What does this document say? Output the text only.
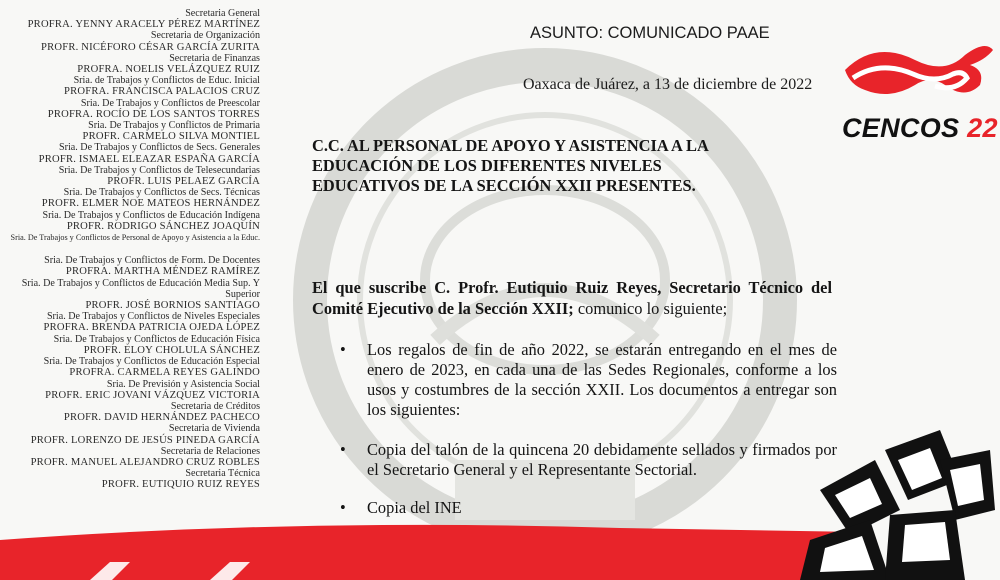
Secretaria General
PROFRA. YENNY ARACELY PÉREZ MARTÍNEZ
Secretaria de Organización
PROFR. NICÉFORO CÉSAR GARCÍA ZURITA
Secretaria de Finanzas
PROFRA. NOELIS VELÁZQUEZ RUIZ
Sria. de Trabajos y Conflictos de Educ. Inicial
PROFRA. FRANCISCA PALACIOS CRUZ
Sria. De Trabajos y Conflictos de Preescolar
PROFRA. ROCÍO DE LOS SANTOS TORRES
Sria. De Trabajos y Conflictos de Primaria
PROFR. CARMELO SILVA MONTIEL
Sria. De Trabajos y Conflictos de Secs. Generales
PROFR. ISMAEL ELEAZAR ESPAÑA GARCÍA
Sria. De Trabajos y Conflictos de Telesecundarias
PROFR. LUIS PELAEZ GARCÍA
Sria. De Trabajos y Conflictos de Secs. Técnicas
PROFR. ELMER NOE MATEOS HERNÁNDEZ
Sria. De Trabajos y Conflictos de Educación Indígena
PROFR. RODRIGO SÁNCHEZ JOAQUÍN
Sria. De Trabajos y Conflictos de Personal de Apoyo y Asistencia a la Educ.
Sria. De Trabajos y Conflictos de Form. De Docentes
PROFRA. MARTHA MÉNDEZ RAMÍREZ
Sria. De Trabajos y Conflictos de Educación Media Sup. Y Superior
PROFR. JOSÉ BORNIOS SANTIAGO
Sria. De Trabajos y Conflictos de Niveles Especiales
PROFRA. BRENDA PATRICIA OJEDA LÓPEZ
Sria. De Trabajos y Conflictos de Educación Física
PROFR. ELOY CHOLULA SÁNCHEZ
Sria. De Trabajos y Conflictos de Educación Especial
PROFRA. CARMELA REYES GALINDO
Sria. De Previsión y Asistencia Social
PROFR. ERIC JOVANI VÁZQUEZ VICTORIA
Secretaria de Créditos
PROFR. DAVID HERNÁNDEZ PACHECO
Secretaria de Vivienda
PROFR. LORENZO DE JESÚS PINEDA GARCÍA
Secretaria de Relaciones
PROFR. MANUEL ALEJANDRO CRUZ ROBLES
Secretaria Técnica
PROFR. EUTIQUIO RUIZ REYES
ASUNTO: COMUNICADO PAAE
Oaxaca de Juárez, a 13 de diciembre de 2022
C.C. AL PERSONAL DE APOYO Y ASISTENCIA A LA EDUCACIÓN DE LOS DIFERENTES NIVELES EDUCATIVOS DE LA SECCIÓN XXII PRESENTES.
El que suscribe C. Profr. Eutiquio Ruiz Reyes, Secretario Técnico del Comité Ejecutivo de la Sección XXII; comunico lo siguiente;
• Los regalos de fin de año 2022, se estarán entregando en el mes de enero de 2023, en cada una de las Sedes Regionales, conforme a los usos y costumbres de la sección XXII. Los documentos a entregar son los siguientes:
• Copia del talón de la quincena 20 debidamente sellados y firmados por el Secretario General y el Representante Sectorial.
• Copia del INE
CENCOS 22
